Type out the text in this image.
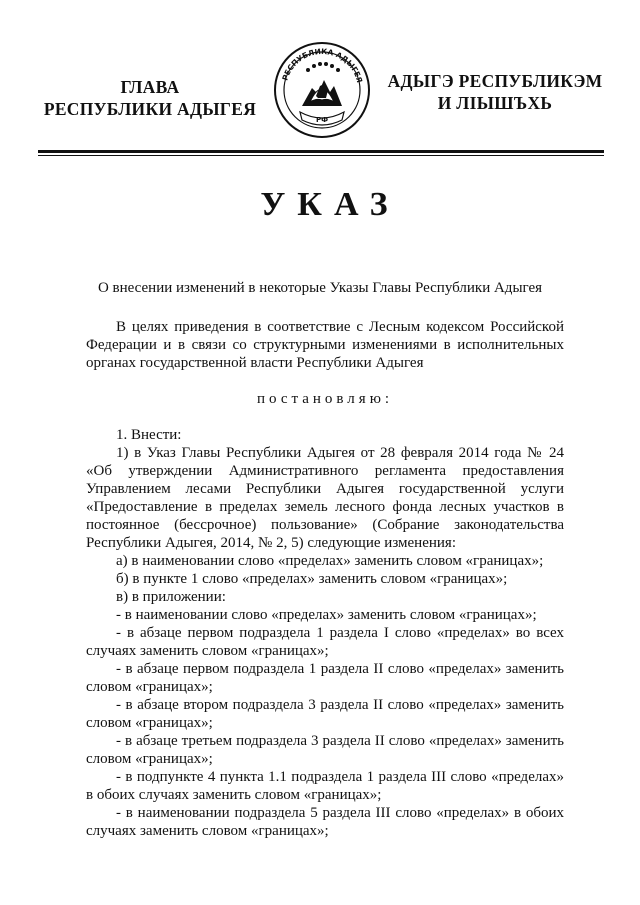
ГЛАВА
РЕСПУБЛИКИ АДЫГЕЯ
РЕСПУБЛИКА АДЫГЕЯ
РФ
АДЫГЭ РЕСПУБЛИКЭМ
И ЛІЫШЪХЬ
УКАЗ
О внесении изменений в некоторые Указы Главы Республики Адыгея

В целях приведения в соответствие с Лесным кодексом Российской Федерации и в связи со структурными изменениями в исполнительных органах государственной власти Республики Адыгея

постановляю:

1. Внести:

1) в Указ Главы Республики Адыгея от 28 февраля 2014 года № 24 «Об утверждении Административного регламента предоставления Управлением лесами Республики Адыгея государственной услуги «Предоставление в пределах земель лесного фонда лесных участков в постоянное (бессрочное) пользование» (Собрание законодательства Республики Адыгея, 2014, № 2, 5) следующие изменения:

а) в наименовании слово «пределах» заменить словом «границах»;

б) в пункте 1 слово «пределах» заменить словом «границах»;

в) в приложении:

- в наименовании слово «пределах» заменить словом «границах»;

- в абзаце первом подраздела 1 раздела I слово «пределах» во всех случаях заменить словом «границах»;

- в абзаце первом подраздела 1 раздела II слово «пределах» заменить словом «границах»;

- в абзаце втором подраздела 3 раздела II слово «пределах» заменить словом «границах»;

- в абзаце третьем подраздела 3 раздела II слово «пределах» заменить словом «границах»;

- в подпункте 4 пункта 1.1 подраздела 1 раздела III слово «пределах» в обоих случаях заменить словом «границах»;

- в наименовании подраздела 5 раздела III слово «пределах» в обоих случаях заменить словом «границах»;
